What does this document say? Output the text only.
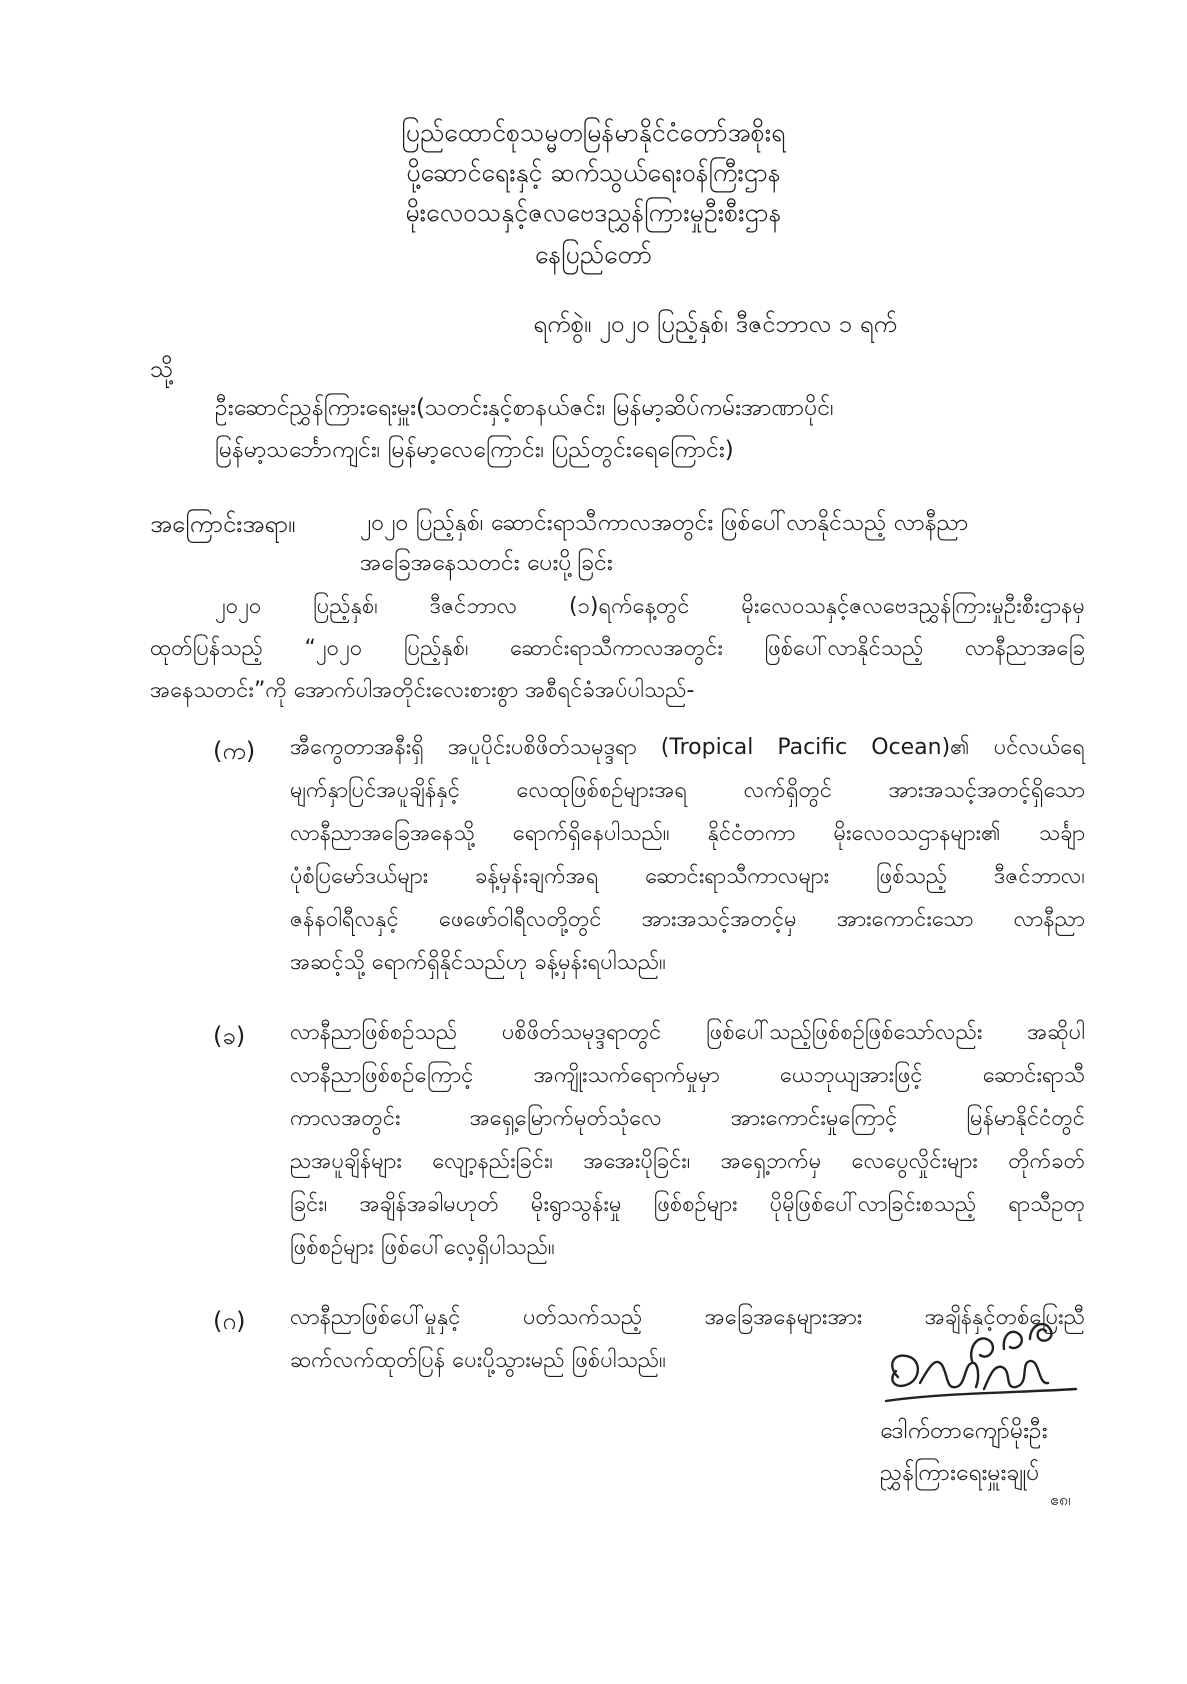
ပြည်ထောင်စုသမ္မတမြန်မာနိုင်ငံတော်အစိုးရ
ပို့ဆောင်ရေးနှင့် ဆက်သွယ်ရေးဝန်ကြီးဌာန
မိုးလေဝသနှင့်ဇလဗေဒညွှန်ကြားမှုဦးစီးဌာန
နေပြည်တော်
ရက်စွဲ။ ၂၀၂၀ ပြည့်နှစ်၊ ဒီဇင်ဘာလ ၁ ရက်
သို့
ဦးဆောင်ညွှန်ကြားရေးမှူး(သတင်းနှင့်စာနယ်ဇင်း၊ မြန်မာ့ဆိပ်ကမ်းအာဏာပိုင်၊
မြန်မာ့သင်္ဘောကျင်း၊ မြန်မာ့လေကြောင်း၊ ပြည်တွင်းရေကြောင်း)
အကြောင်းအရာ။	၂၀၂၀ ပြည့်နှစ်၊ ဆောင်းရာသီကာလအတွင်း ဖြစ်ပေါ်လာနိုင်သည့် လာနီညာ
အခြေအနေသတင်း ပေးပို့ခြင်း
၂၀၂၀ ပြည့်နှစ်၊ ဒီဇင်ဘာလ (၁)ရက်နေ့တွင် မိုးလေဝသနှင့်ဇလဗေဒညွှန်ကြားမှုဦးစီးဌာနမှ
ထုတ်ပြန်သည့် “၂၀၂၀ ပြည့်နှစ်၊ ဆောင်းရာသီကာလအတွင်း ဖြစ်ပေါ်လာနိုင်သည့် လာနီညာအခြေ
အနေသတင်း”ကို အောက်ပါအတိုင်းလေးစားစွာ အစီရင်ခံအပ်ပါသည်-
(က) အီကွေတာအနီးရှိ အပူပိုင်းပစိဖိတ်သမုဒ္ဒရာ (Tropical Pacific Ocean)၏ ပင်လယ်ရေ
မျက်နှာပြင်အပူချိန်နှင့် လေထုဖြစ်စဉ်များအရ လက်ရှိတွင် အားအသင့်အတင့်ရှိသော
လာနီညာအခြေအနေသို့ ရောက်ရှိနေပါသည်။ နိုင်ငံတကာ မိုးလေဝသဌာနများ၏ သင်္ချာ
ပုံစံပြမော်ဒယ်များ ခန့်မှန်းချက်အရ ဆောင်းရာသီကာလများ ဖြစ်သည့် ဒီဇင်ဘာလ၊
ဇန်နဝါရီလနှင့် ဖေဖော်ဝါရီလတို့တွင် အားအသင့်အတင့်မှ အားကောင်းသော လာနီညာ
အဆင့်သို့ ရောက်ရှိနိုင်သည်ဟု ခန့်မှန်းရပါသည်။
(ခ) လာနီညာဖြစ်စဉ်သည် ပစိဖိတ်သမုဒ္ဒရာတွင် ဖြစ်ပေါ်သည့်ဖြစ်စဉ်ဖြစ်သော်လည်း အဆိုပါ
လာနီညာဖြစ်စဉ်ကြောင့် အကျိုးသက်ရောက်မှုမှာ ယေဘုယျအားဖြင့် ဆောင်းရာသီ
ကာလအတွင်း အရှေ့မြောက်မုတ်သုံလေ အားကောင်းမှုကြောင့် မြန်မာနိုင်ငံတွင်
ညအပူချိန်များ လျော့နည်းခြင်း၊ အအေးပိုခြင်း၊ အရှေ့ဘက်မှ လေပွေလှိုင်းများ တိုက်ခတ်
ခြင်း၊ အချိန်အခါမဟုတ် မိုးရွာသွန်းမှု ဖြစ်စဉ်များ ပိုမိုဖြစ်ပေါ်လာခြင်းစသည့် ရာသီဥတု
ဖြစ်စဉ်များ ဖြစ်ပေါ်လေ့ရှိပါသည်။
(ဂ) လာနီညာဖြစ်ပေါ်မှုနှင့် ပတ်သက်သည့် အခြေအနေများအား အချိန်နှင့်တစ်ပြေးညီ
ဆက်လက်ထုတ်ပြန် ပေးပို့သွားမည် ဖြစ်ပါသည်။
ဒေါက်တာကျော်မိုးဦး
ညွှန်ကြားရေးမှူးချုပ်
ဧ၈၊
